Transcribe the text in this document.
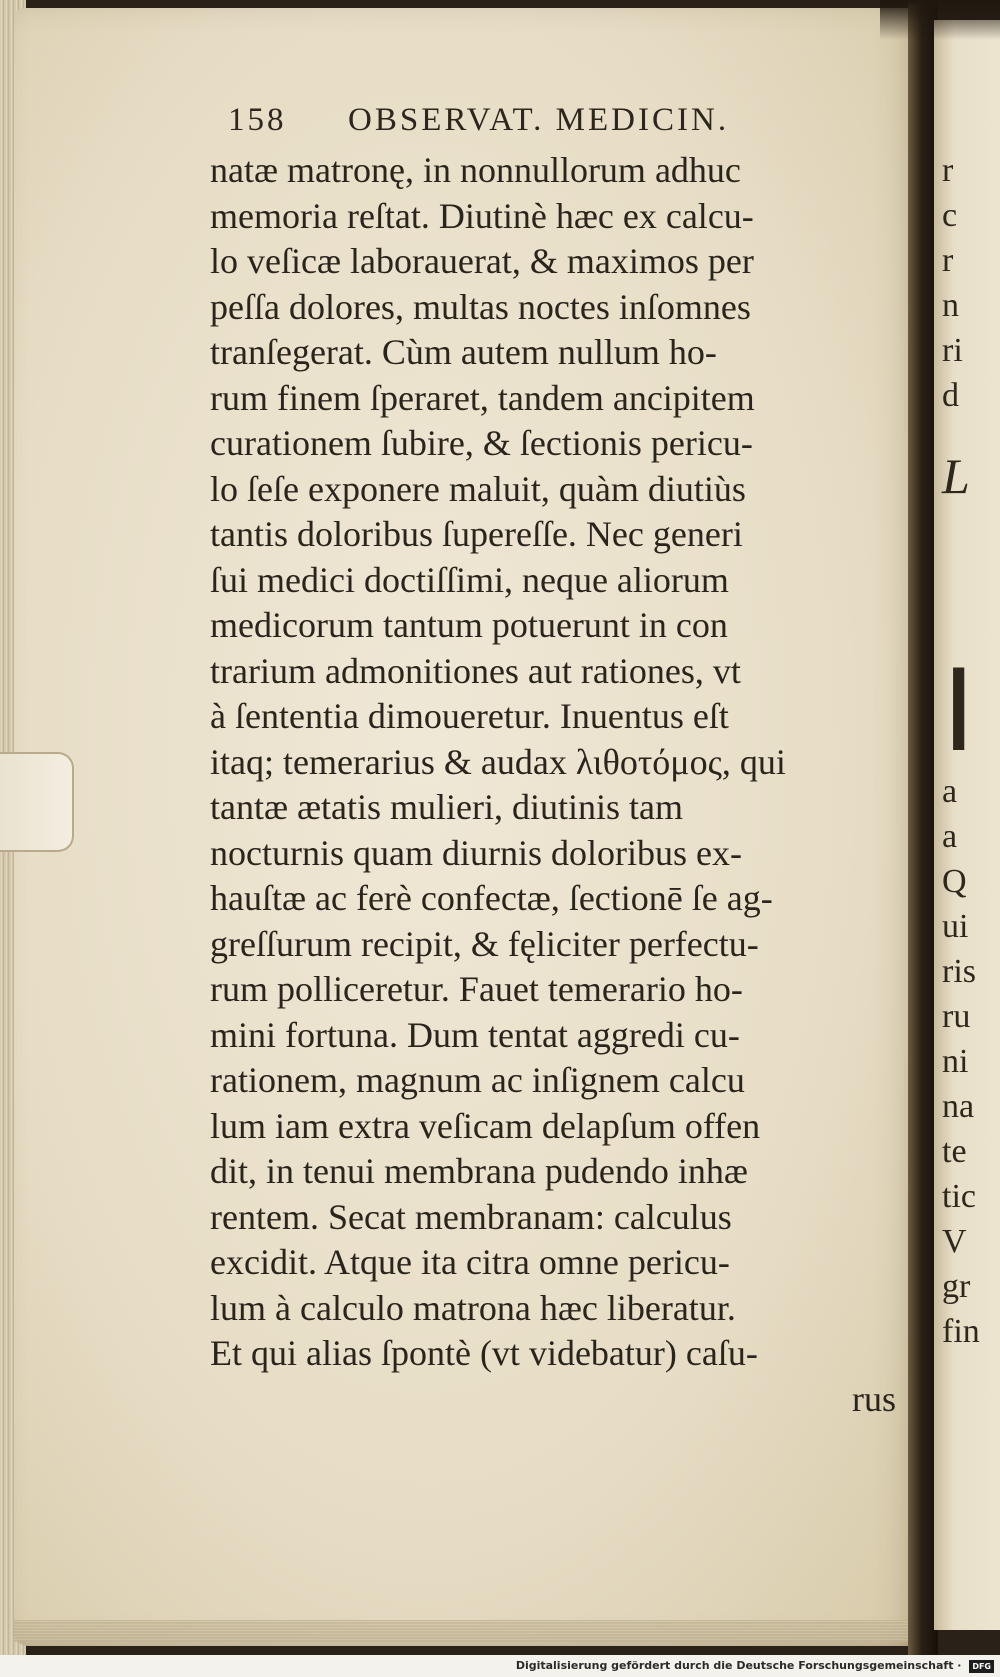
158 OBSERVAT. MEDICIN.
natæ matronę, in nonnullorum adhuc
memoria reſtat. Diutinè hæc ex calcu-
lo veſicæ laborauerat, & maximos per
peſſa dolores, multas noctes inſomnes
tranſegerat. Cùm autem nullum ho-
rum finem ſperaret, tandem ancipitem
curationem ſubire, & ſectionis pericu-
lo ſeſe exponere maluit, quàm diutiùs
tantis doloribus ſupereſſe. Nec generi
ſui medici doctiſſimi, neque aliorum
medicorum tantum potuerunt in con
trarium admonitiones aut rationes, vt
à ſententia dimoueretur. Inuentus eſt
itaq; temerarius & audax λιθοτόμος, qui
tantæ ætatis mulieri, diutinis tam
nocturnis quam diurnis doloribus ex-
hauſtæ ac ferè confectæ, ſectionē ſe ag-
greſſurum recipit, & fęliciter perfectu-
rum polliceretur. Fauet temerario ho-
mini fortuna. Dum tentat aggredi cu-
rationem, magnum ac inſignem calcu
lum iam extra veſicam delapſum offen
dit, in tenui membrana pudendo inhæ
rentem. Secat membranam: calculus
excidit. Atque ita citra omne pericu-
lum à calculo matrona hæc liberatur.
Et qui alias ſpontè (vt videbatur) caſu-
rus
r
c
r
n
ri
d
L
I
a
a
Q
ui
ris
ru
ni
na
te
tic
V
gr
fin
Digitalisierung gefördert durch die Deutsche Forschungsgemeinschaft · DFG
